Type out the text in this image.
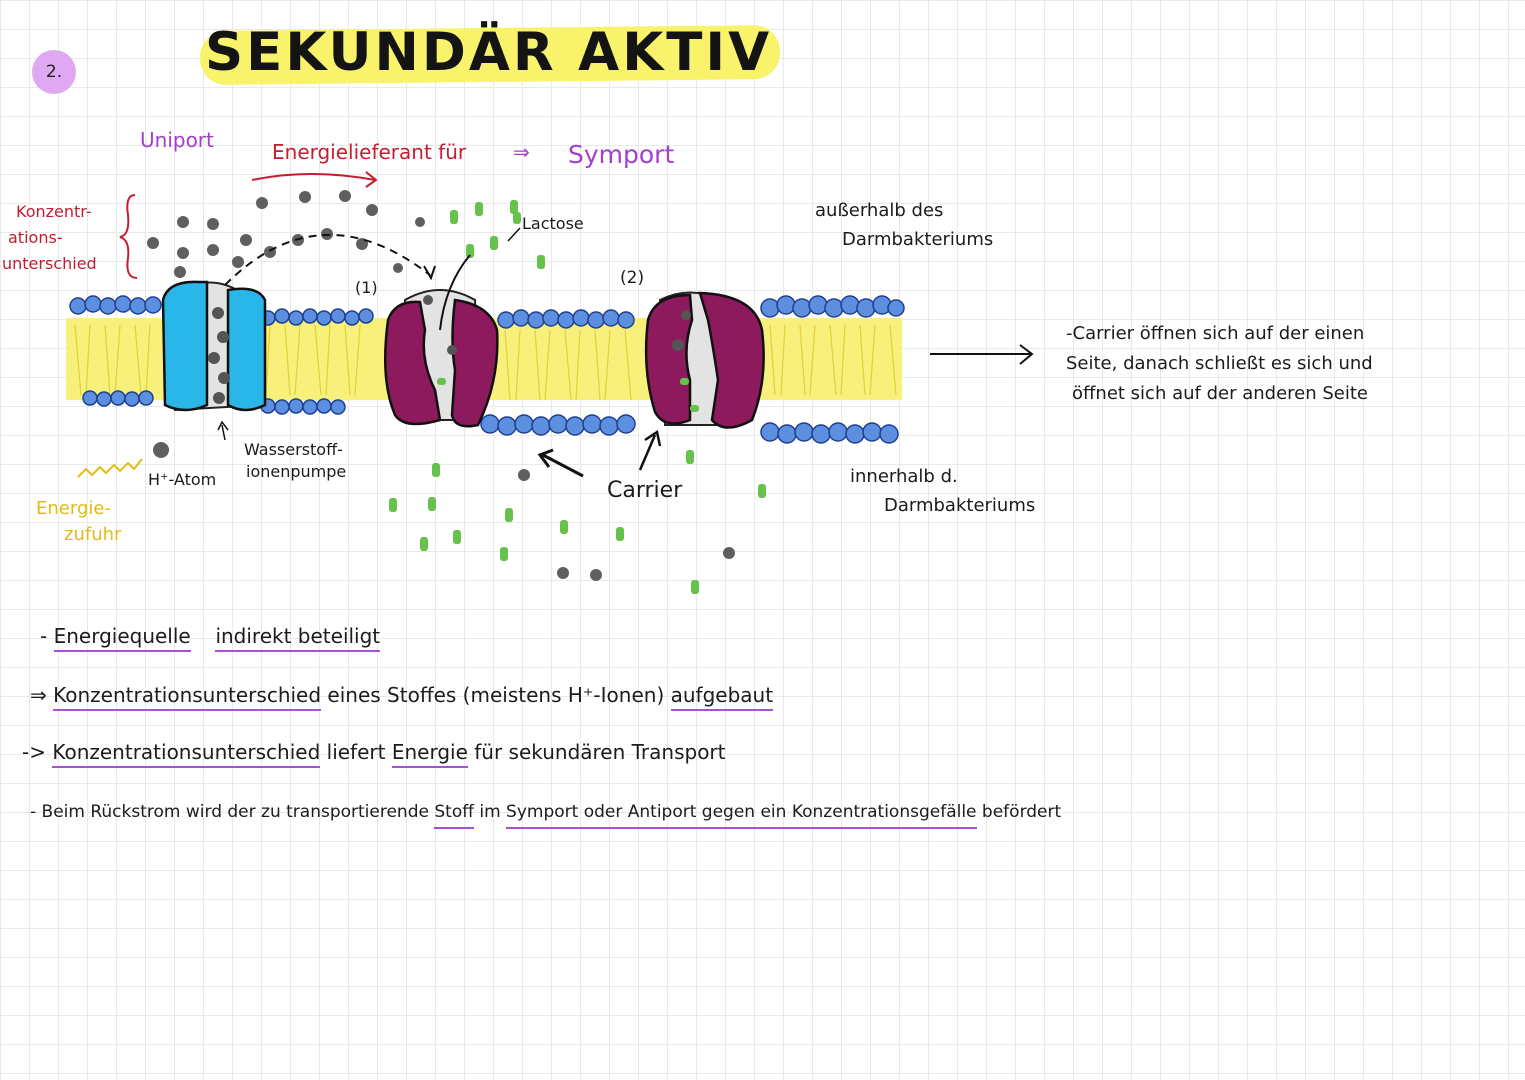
2.	SEKUNDÄR AKTIV
Uniport	Energielieferant für ⇒ Symport
Konzentr-
ations-
unterschied
Lactose
(1)	(2)
außerhalb des
Darmbakteriums
innerhalb d.
Darmbakteriums
H⁺-Atom
Wasserstoff-
ionenpumpe
Energie-
zufuhr
Carrier
-Carrier öffnen sich auf der einen
Seite, danach schließt es sich und
öffnet sich auf der anderen Seite
- Energiequelle indirekt beteiligt
⇒ Konzentrationsunterschied eines Stoffes (meistens H⁺-Ionen) aufgebaut
-> Konzentrationsunterschied liefert Energie für sekundären Transport
- Beim Rückstrom wird der zu transportierende Stoff im Symport oder Antiport gegen ein Konzentrationsgefälle befördert
